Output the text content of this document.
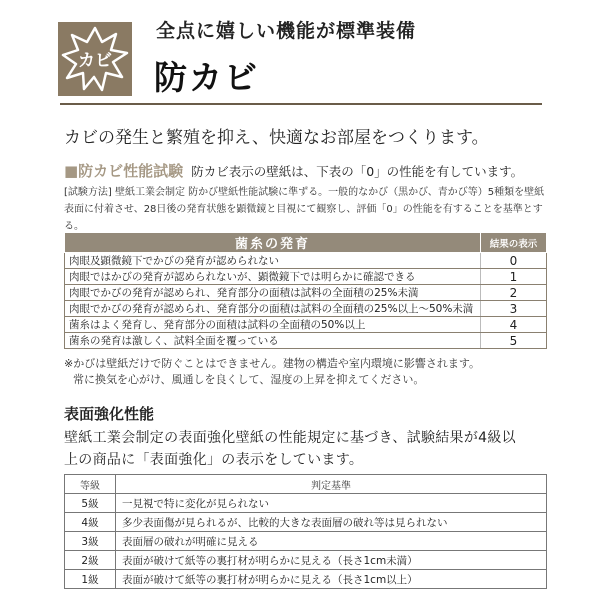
カビ
全点に嬉しい機能が標準装備
防カビ
カビの発生と繁殖を抑え、快適なお部屋をつくります。
■防カビ性能試験 防カビ表示の壁紙は、下表の「0」の性能を有しています。
[試験方法] 壁紙工業会制定 防かび壁紙性能試験に準ずる。一般的なかび（黒かび、青かび等）5種類を壁紙
表面に付着させ、28日後の発育状態を顕微鏡と目視にて観察し、評価「0」の性能を有することを基準とする。
菌糸の発育	結果の表示
肉眼及顕微鏡下でかびの発育が認められない	0
肉眼ではかびの発育が認められないが、顕微鏡下では明らかに確認できる	1
肉眼でかびの発育が認められ、発育部分の面積は試料の全面積の25%未満	2
肉眼でかびの発育が認められ、発育部分の面積は試料の全面積の25%以上～50%未満	3
菌糸はよく発育し、発育部分の面積は試料の全面積の50%以上	4
菌糸の発育は激しく、試料全面を覆っている	5
※かびは壁紙だけで防ぐことはできません。建物の構造や室内環境に影響されます。
常に換気を心がけ、風通しを良くして、湿度の上昇を抑えてください。
表面強化性能
壁紙工業会制定の表面強化壁紙の性能規定に基づき、試験結果が4級以
上の商品に「表面強化」の表示をしています。
等級	判定基準
5級	一見視で特に変化が見られない
4級	多少表面傷が見られるが、比較的大きな表面層の破れ等は見られない
3級	表面層の破れが明確に見える
2級	表面が破けて紙等の裏打材が明らかに見える（長さ1cm未満）
1級	表面が破けて紙等の裏打材が明らかに見える（長さ1cm以上）
